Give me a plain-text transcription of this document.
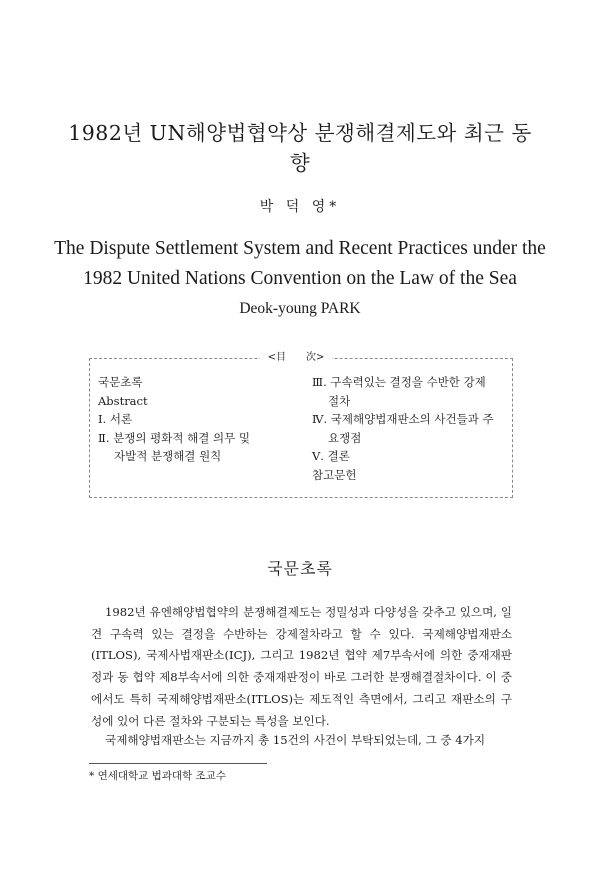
1982년 UN해양법협약상 분쟁해결제도와 최근 동향
박 덕 영*
The Dispute Settlement System and Recent Practices under the 1982 United Nations Convention on the Law of the Sea
Deok-young PARK
<目　　次>
국문초록
Abstract
Ⅰ. 서론
Ⅱ. 분쟁의 평화적 해결 의무 및
자발적 분쟁해결 원칙
Ⅲ. 구속력있는 결정을 수반한 강제
절차
Ⅳ. 국제해양법재판소의 사건들과 주
요쟁점
Ⅴ. 결론
참고문헌
국문초록

1982년 유엔해양법협약의 분쟁해결제도는 정밀성과 다양성을 갖추고 있으며, 일견 구속력 있는 결정을 수반하는 강제절차라고 할 수 있다. 국제해양법재판소(ITLOS), 국제사법재판소(ICJ), 그리고 1982년 협약 제7부속서에 의한 중재재판정과 동 협약 제8부속서에 의한 중재재판정이 바로 그러한 분쟁해결절차이다. 이 중에서도 특히 국제해양법재판소(ITLOS)는 제도적인 측면에서, 그리고 재판소의 구성에 있어 다른 절차와 구분되는 특성을 보인다.

국제해양법재판소는 지금까지 총 15건의 사건이 부탁되었는데, 그 중 4가지

* 연세대학교 법과대학 조교수
